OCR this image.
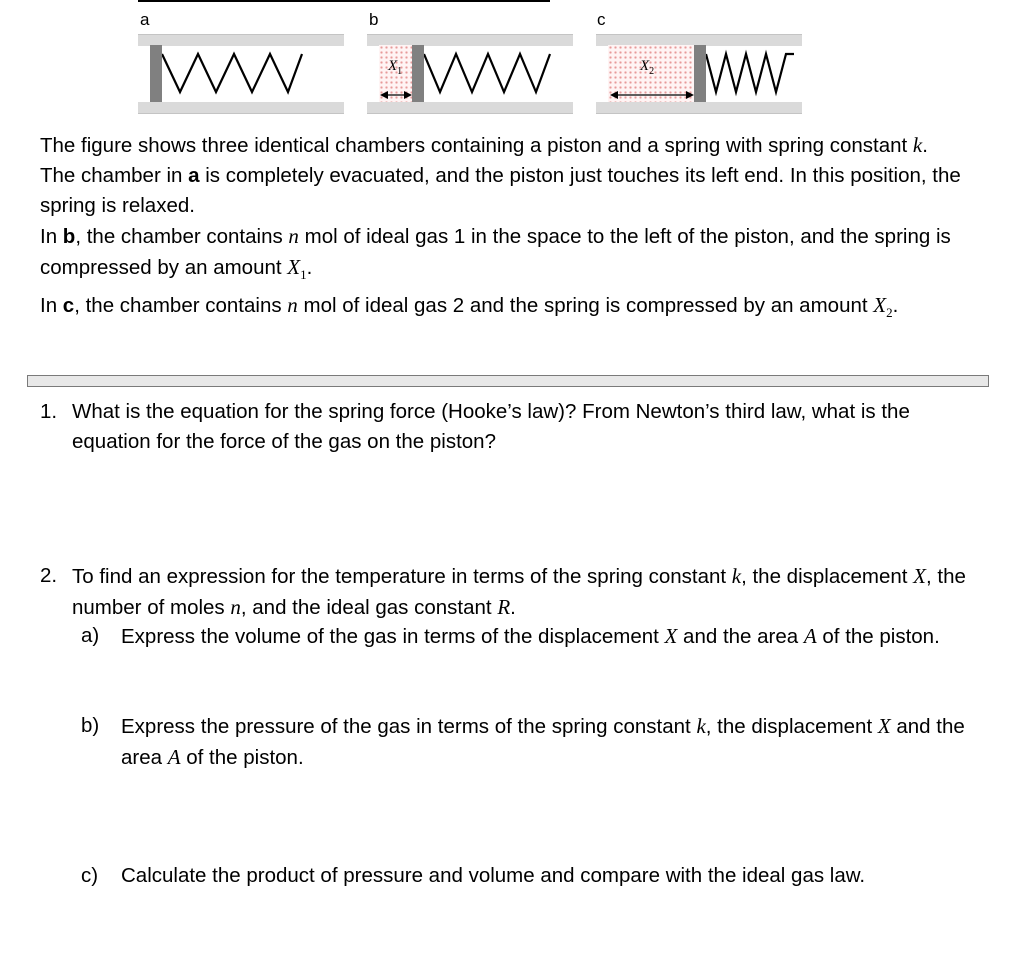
a	b	c
$X_1$	$X_2$

The figure shows three identical chambers containing a piston and a spring with spring constant k.

The chamber in a is completely evacuated, and the piston just touches its left end. In this position, the spring is relaxed.

In b, the chamber contains n mol of ideal gas 1 in the space to the left of the piston, and the spring is compressed by an amount $X_1$.

In c, the chamber contains n mol of ideal gas 2 and the spring is compressed by an amount $X_2$.

1. What is the equation for the spring force (Hooke’s law)? From Newton’s third law, what is the equation for the force of the gas on the piston?
2. To find an expression for the temperature in terms of the spring constant k, the displacement X, the number of moles n, and the ideal gas constant R.
a) Express the volume of the gas in terms of the displacement X and the area A of the piston.
b) Express the pressure of the gas in terms of the spring constant k, the displacement X and the area A of the piston.
c) Calculate the product of pressure and volume and compare with the ideal gas law.
